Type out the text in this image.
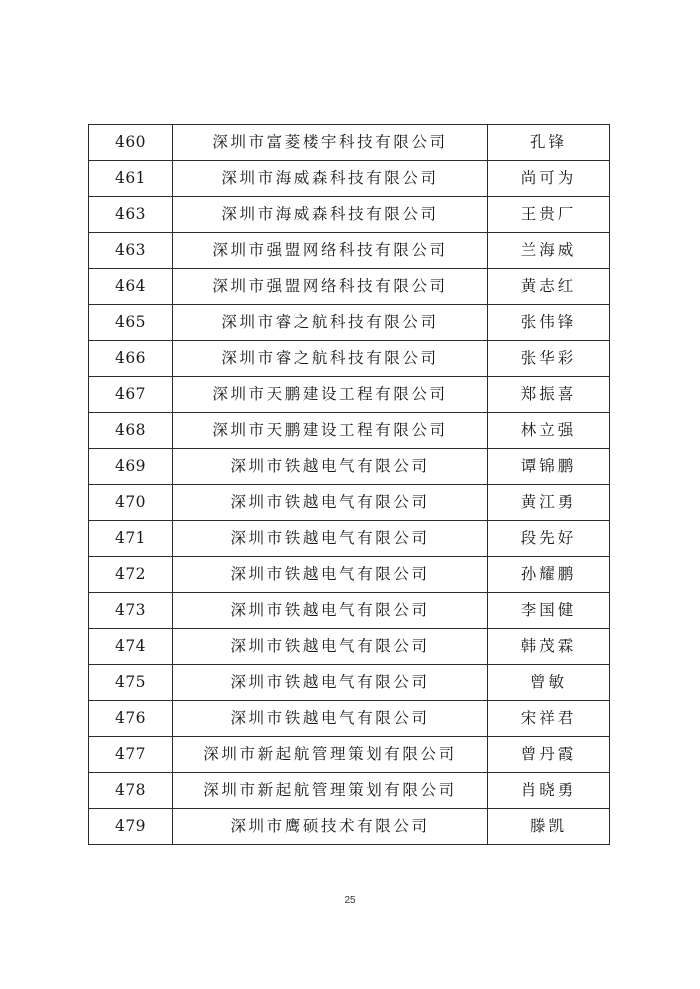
460	深圳市富菱楼宇科技有限公司	孔锋
461	深圳市海威森科技有限公司	尚可为
463	深圳市海威森科技有限公司	王贵厂
463	深圳市强盟网络科技有限公司	兰海威
464	深圳市强盟网络科技有限公司	黄志红
465	深圳市睿之航科技有限公司	张伟锋
466	深圳市睿之航科技有限公司	张华彩
467	深圳市天鹏建设工程有限公司	郑振喜
468	深圳市天鹏建设工程有限公司	林立强
469	深圳市铁越电气有限公司	谭锦鹏
470	深圳市铁越电气有限公司	黄江勇
471	深圳市铁越电气有限公司	段先好
472	深圳市铁越电气有限公司	孙耀鹏
473	深圳市铁越电气有限公司	李国健
474	深圳市铁越电气有限公司	韩茂霖
475	深圳市铁越电气有限公司	曾敏
476	深圳市铁越电气有限公司	宋祥君
477	深圳市新起航管理策划有限公司	曾丹霞
478	深圳市新起航管理策划有限公司	肖晓勇
479	深圳市鹰硕技术有限公司	滕凯
25
